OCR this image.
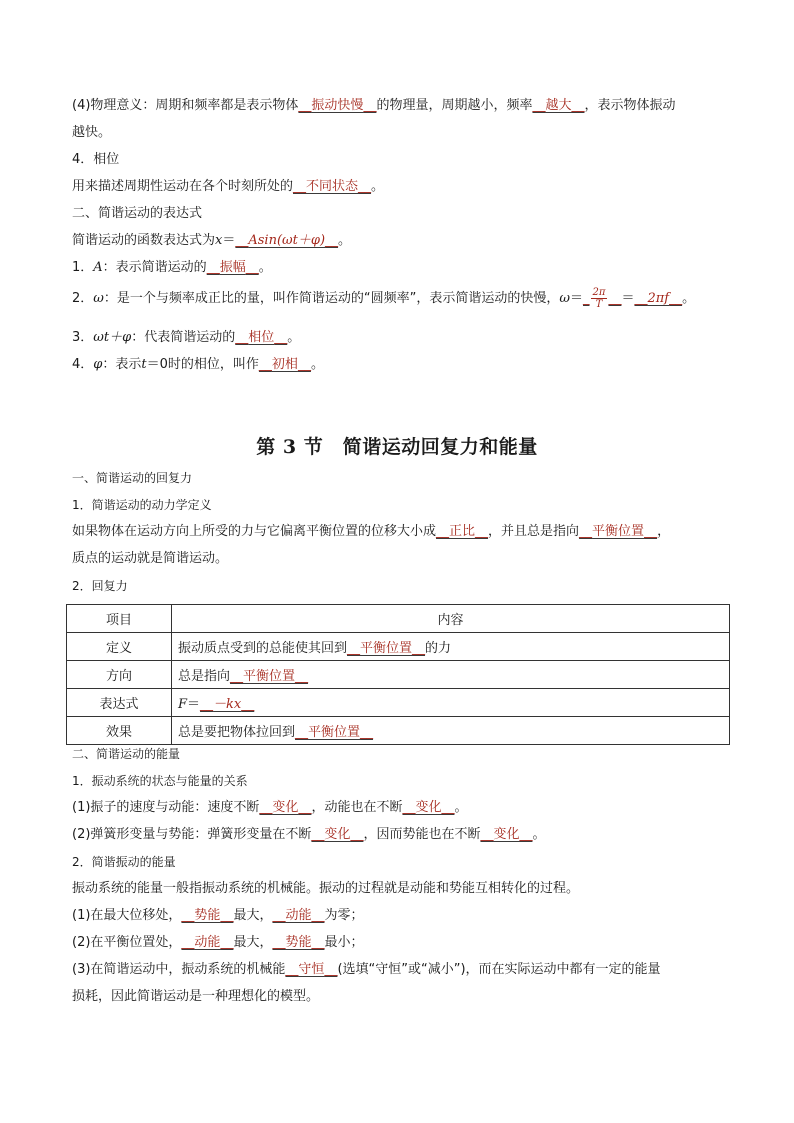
(4)物理意义：周期和频率都是表示物体__振动快慢__的物理量，周期越小，频率__越大__，表示物体振动
越快。
4．相位
用来描述周期性运动在各个时刻所处的__不同状态__。
二、简谐运动的表达式
简谐运动的函数表达式为x＝__Asin(ωt＋φ)__。
1．A：表示简谐运动的__振幅__。
2．ω：是一个与频率成正比的量，叫作简谐运动的“圆频率”，表示简谐运动的快慢，ω＝_ $\frac{2\pi}{T}$ __＝__2πf__。
3．ωt＋φ：代表简谐运动的__相位__。
4．φ：表示t＝0时的相位，叫作__初相__。
第 3 节　简谐运动回复力和能量
一、简谐运动的回复力
1．简谐运动的动力学定义
如果物体在运动方向上所受的力与它偏离平衡位置的位移大小成__正比__，并且总是指向__平衡位置__，
质点的运动就是简谐运动。
2．回复力
项目	内容
定义	振动质点受到的总能使其回到__平衡位置__的力
方向	总是指向__平衡位置__
表达式	F＝__－kx__
效果	总是要把物体拉回到__平衡位置__
二、简谐运动的能量
1．振动系统的状态与能量的关系
(1)振子的速度与动能：速度不断__变化__，动能也在不断__变化__。
(2)弹簧形变量与势能：弹簧形变量在不断__变化__，因而势能也在不断__变化__。
2．简谐振动的能量
振动系统的能量一般指振动系统的机械能。振动的过程就是动能和势能互相转化的过程。
(1)在最大位移处，__势能__最大，__动能__为零；
(2)在平衡位置处，__动能__最大，__势能__最小；
(3)在简谐运动中，振动系统的机械能__守恒__(选填“守恒”或“减小”)，而在实际运动中都有一定的能量
损耗，因此简谐运动是一种理想化的模型。
